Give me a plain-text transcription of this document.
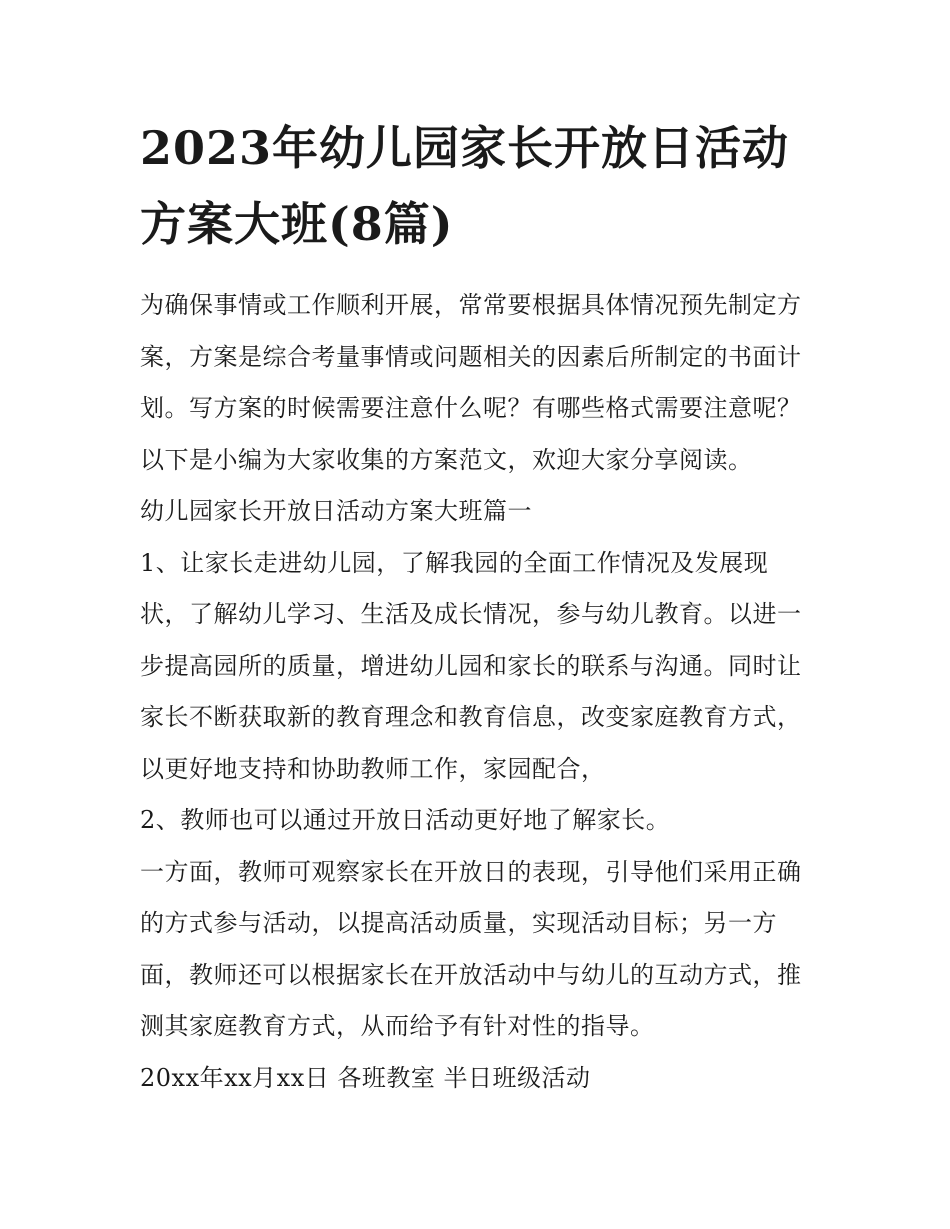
2023年幼儿园家长开放日活动
方案大班(8篇)

为确保事情或工作顺利开展，常常要根据具体情况预先制定方
案，方案是综合考量事情或问题相关的因素后所制定的书面计
划。写方案的时候需要注意什么呢？有哪些格式需要注意呢？
以下是小编为大家收集的方案范文，欢迎大家分享阅读。

幼儿园家长开放日活动方案大班篇一

1、让家长走进幼儿园，了解我园的全面工作情况及发展现
状，了解幼儿学习、生活及成长情况，参与幼儿教育。以进一
步提高园所的质量，增进幼儿园和家长的联系与沟通。同时让
家长不断获取新的教育理念和教育信息，改变家庭教育方式，
以更好地支持和协助教师工作，家园配合，

2、教师也可以通过开放日活动更好地了解家长。

一方面，教师可观察家长在开放日的表现，引导他们采用正确
的方式参与活动，以提高活动质量，实现活动目标；另一方
面，教师还可以根据家长在开放活动中与幼儿的互动方式，推
测其家庭教育方式，从而给予有针对性的指导。

20xx年xx月xx日 各班教室 半日班级活动
